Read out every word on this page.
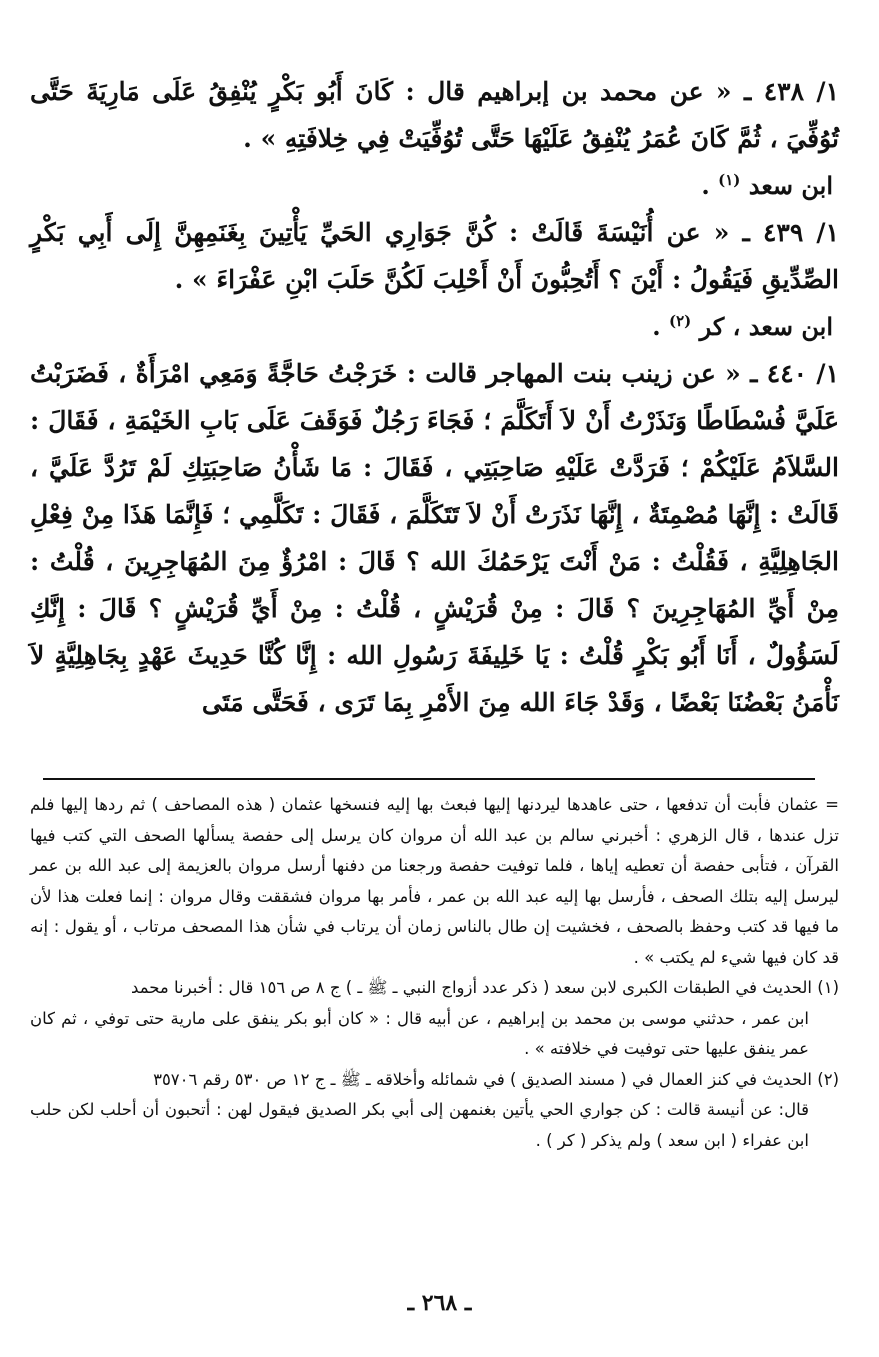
١/ ٤٣٨ ـ « عن محمد بن إبراهيم قال : كَانَ أَبُو بَكْرٍ يُنْفِقُ عَلَى مَارِيَةَ حَتَّى تُوُفِّيَ ، ثُمَّ كَانَ عُمَرُ يُنْفِقُ عَلَيْهَا حَتَّى تُوُفِّيَتْ فِي خِلافَتِهِ » .

ابن سعد $^{(١)}$ .

١/ ٤٣٩ ـ « عن أُنَيْسَةَ قَالَتْ : كُنَّ جَوَارِي الحَيِّ يَأْتِينَ بِغَنَمِهِنَّ إِلَى أَبِي بَكْرٍ الصِّدِّيقِ فَيَقُولُ : أَيْنَ ؟ أَتُحِبُّونَ أَنْ أَحْلِبَ لَكُنَّ حَلَبَ ابْنِ عَفْرَاءَ » .

ابن سعد ، كر $^{(٢)}$ .

١/ ٤٤٠ ـ « عن زينب بنت المهاجر قالت : خَرَجْتُ حَاجَّةً وَمَعِي امْرَأَةٌ ، فَضَرَبْتُ عَلَيَّ فُسْطَاطًا وَنَذَرْتُ أَنْ لاَ أَتَكَلَّمَ ؛ فَجَاءَ رَجُلٌ فَوَقَفَ عَلَى بَابِ الخَيْمَةِ ، فَقَالَ : السَّلاَمُ عَلَيْكُمْ ؛ فَرَدَّتْ عَلَيْهِ صَاحِبَتِي ، فَقَالَ : مَا شَأْنُ صَاحِبَتِكِ لَمْ تَرُدَّ عَلَيَّ ، قَالَتْ : إِنَّهَا مُصْمِتَةٌ ، إِنَّهَا نَذَرَتْ أَنْ لاَ تَتَكَلَّمَ ، فَقَالَ : تَكَلَّمِي ؛ فَإِنَّمَا هَذَا مِنْ فِعْلِ الجَاهِلِيَّةِ ، فَقُلْتُ : مَنْ أَنْتَ يَرْحَمُكَ الله ؟ قَالَ : امْرُؤٌ مِنَ المُهَاجِرِينَ ، قُلْتُ : مِنْ أَيِّ المُهَاجِرِينَ ؟ قَالَ : مِنْ قُرَيْشٍ ، قُلْتُ : مِنْ أَيِّ قُرَيْشٍ ؟ قَالَ : إِنَّكِ لَسَؤُولٌ ، أَنَا أَبُو بَكْرٍ قُلْتُ : يَا خَلِيفَةَ رَسُولِ الله : إِنَّا كُنَّا حَدِيثَ عَهْدٍ بِجَاهِلِيَّةٍ لاَ نَأْمَنُ بَعْضُنَا بَعْضًا ، وَقَدْ جَاءَ الله مِنَ الأَمْرِ بِمَا تَرَى ، فَحَتَّى مَتَى

= عثمان فأبت أن تدفعها ، حتى عاهدها ليردنها إليها فبعث بها إليه فنسخها عثمان ( هذه المصاحف ) ثم ردها إليها فلم تزل عندها ، قال الزهري : أخبرني سالم بن عبد الله أن مروان كان يرسل إلى حفصة يسألها الصحف التي كتب فيها القرآن ، فتأبى حفصة أن تعطيه إياها ، فلما توفيت حفصة ورجعنا من دفنها أرسل مروان بالعزيمة إلى عبد الله بن عمر ليرسل إليه بتلك الصحف ، فأرسل بها إليه عبد الله بن عمر ، فأمر بها مروان فشققت وقال مروان : إنما فعلت هذا لأن ما فيها قد كتب وحفظ بالصحف ، فخشيت إن طال بالناس زمان أن يرتاب في شأن هذا المصحف مرتاب ، أو يقول : إنه قد كان فيها شيء لم يكتب » .

(١) الحديث في الطبقات الكبرى لابن سعد ( ذكر عدد أزواج النبي ـ ﷺ ـ ) ج ٨ ص ١٥٦ قال : أخبرنا محمد

ابن عمر ، حدثني موسى بن محمد بن إبراهيم ، عن أبيه قال : « كان أبو بكر ينفق على مارية حتى توفي ، ثم كان عمر ينفق عليها حتى توفيت في خلافته » .

(٢) الحديث في كنز العمال في ( مسند الصديق ) في شمائله وأخلاقه ـ ﷺ ـ ج ١٢ ص ٥٣٠ رقم ٣٥٧٠٦

قال: عن أنيسة قالت : كن جواري الحي يأتين بغنمهن إلى أبي بكر الصديق فيقول لهن : أتحبون أن أحلب لكن حلب ابن عفراء ( ابن سعد ) ولم يذكر ( كر ) .

ـ ٢٦٨ ـ
